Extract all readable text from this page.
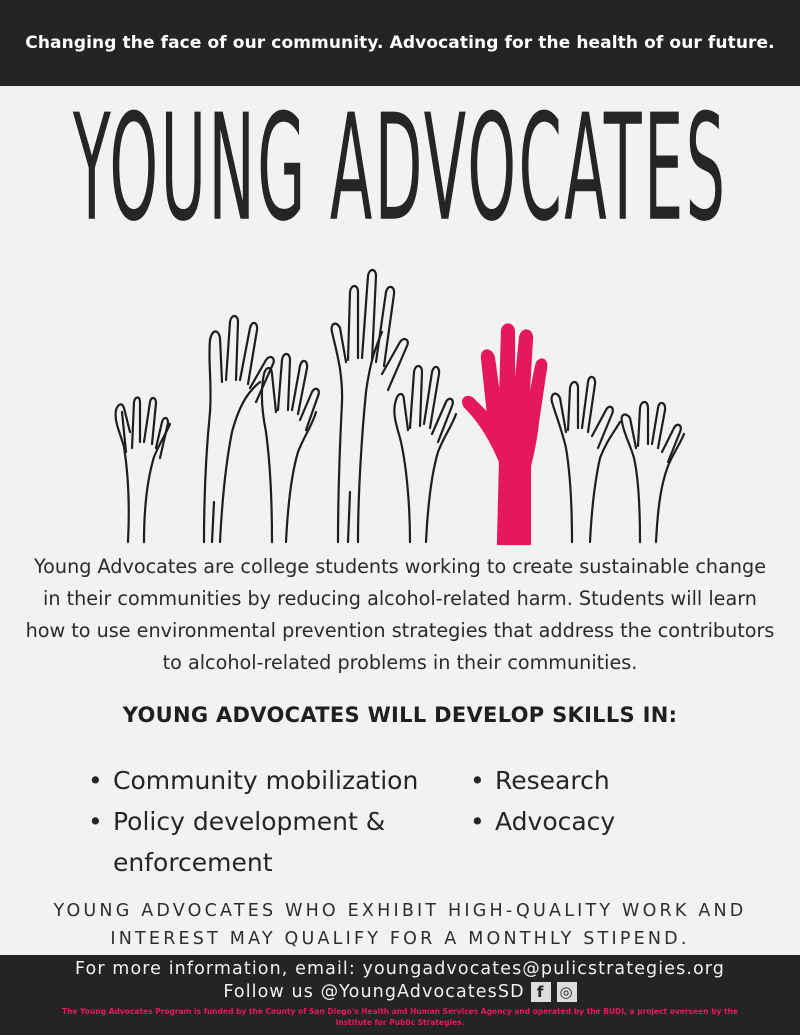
Changing the face of our community. Advocating for the health of our future.
YOUNG ADVOCATES

Young Advocates are college students working to create sustainable change in their communities by reducing alcohol-related harm. Students will learn how to use environmental prevention strategies that address the contributors to alcohol-related problems in their communities.

YOUNG ADVOCATES WILL DEVELOP SKILLS IN:
• Community mobilization
• Policy development & enforcement
• Research
• Advocacy

YOUNG ADVOCATES WHO EXHIBIT HIGH-QUALITY WORK AND INTEREST MAY QUALIFY FOR A MONTHLY STIPEND.

For more information, email: youngadvocates@pulicstrategies.org
Follow us @YoungAdvocatesSD f	◎
The Young Advocates Program is funded by the County of San Diego's Health and Human Services Agency and operated by the BUDI, a project overseen by the Institute for Public Strategies.
